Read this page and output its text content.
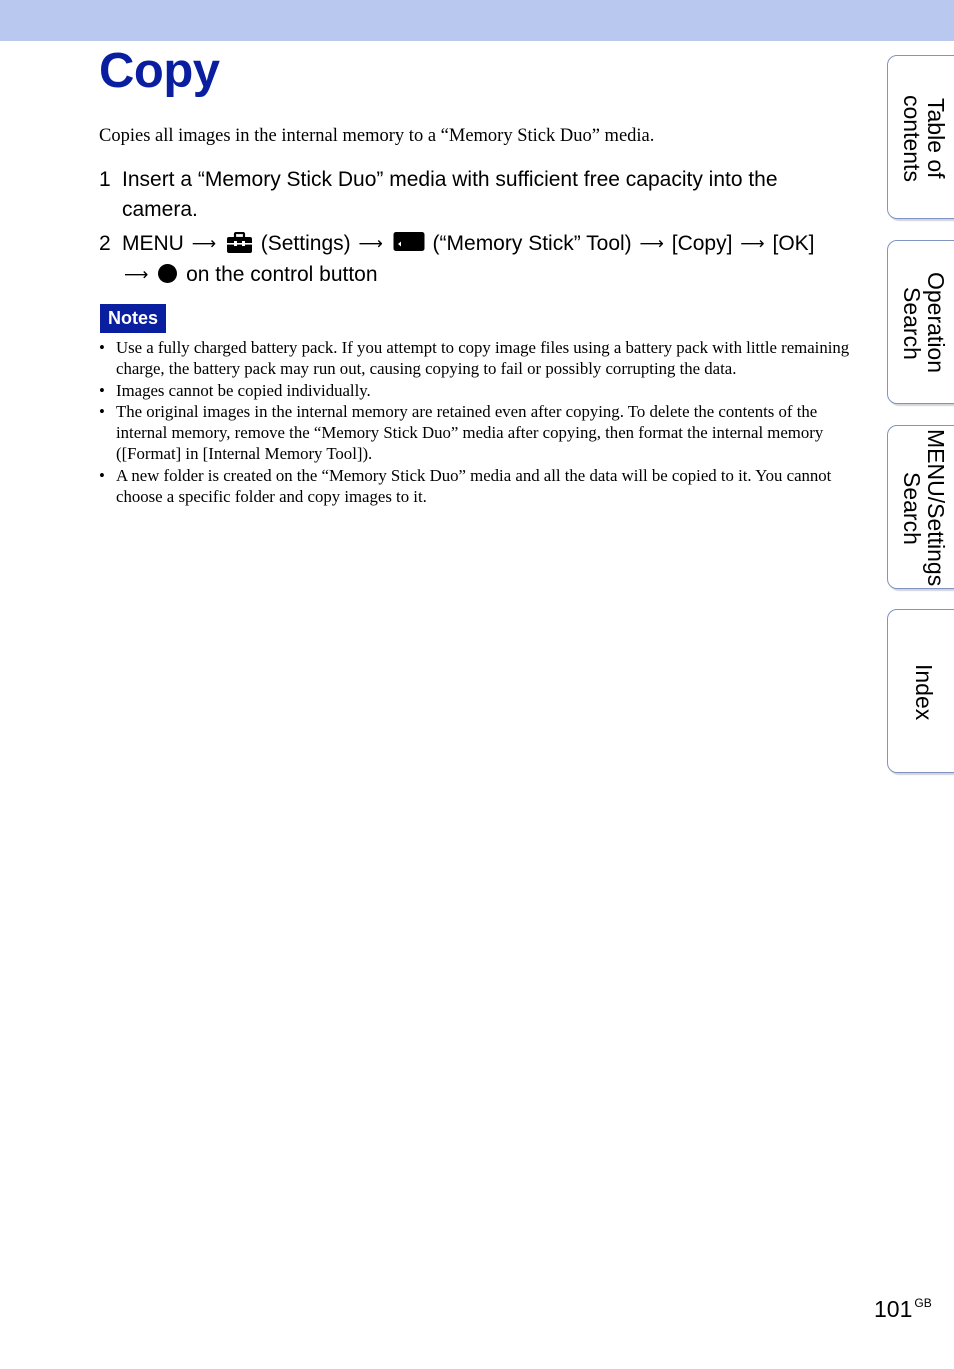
Copy

Copies all images in the internal memory to a “Memory Stick Duo” media.

1 Insert a “Memory Stick Duo” media with sufficient free capacity into the camera.
2 MENU ⟶ (Settings) ⟶ (“Memory Stick” Tool) ⟶ [Copy] ⟶ [OK]
⟶ on the control button
Notes
• Use a fully charged battery pack. If you attempt to copy image files using a battery pack with little remaining charge, the battery pack may run out, causing copying to fail or possibly corrupting the data.
• Images cannot be copied individually.
• The original images in the internal memory are retained even after copying. To delete the contents of the internal memory, remove the “Memory Stick Duo” media after copying, then format the internal memory ([Format] in [Internal Memory Tool]).
• A new folder is created on the “Memory Stick Duo” media and all the data will be copied to it. You cannot choose a specific folder and copy images to it.
Table of
contents
Operation
Search
MENU/Settings
Search
Index
101 $^{GB}$
